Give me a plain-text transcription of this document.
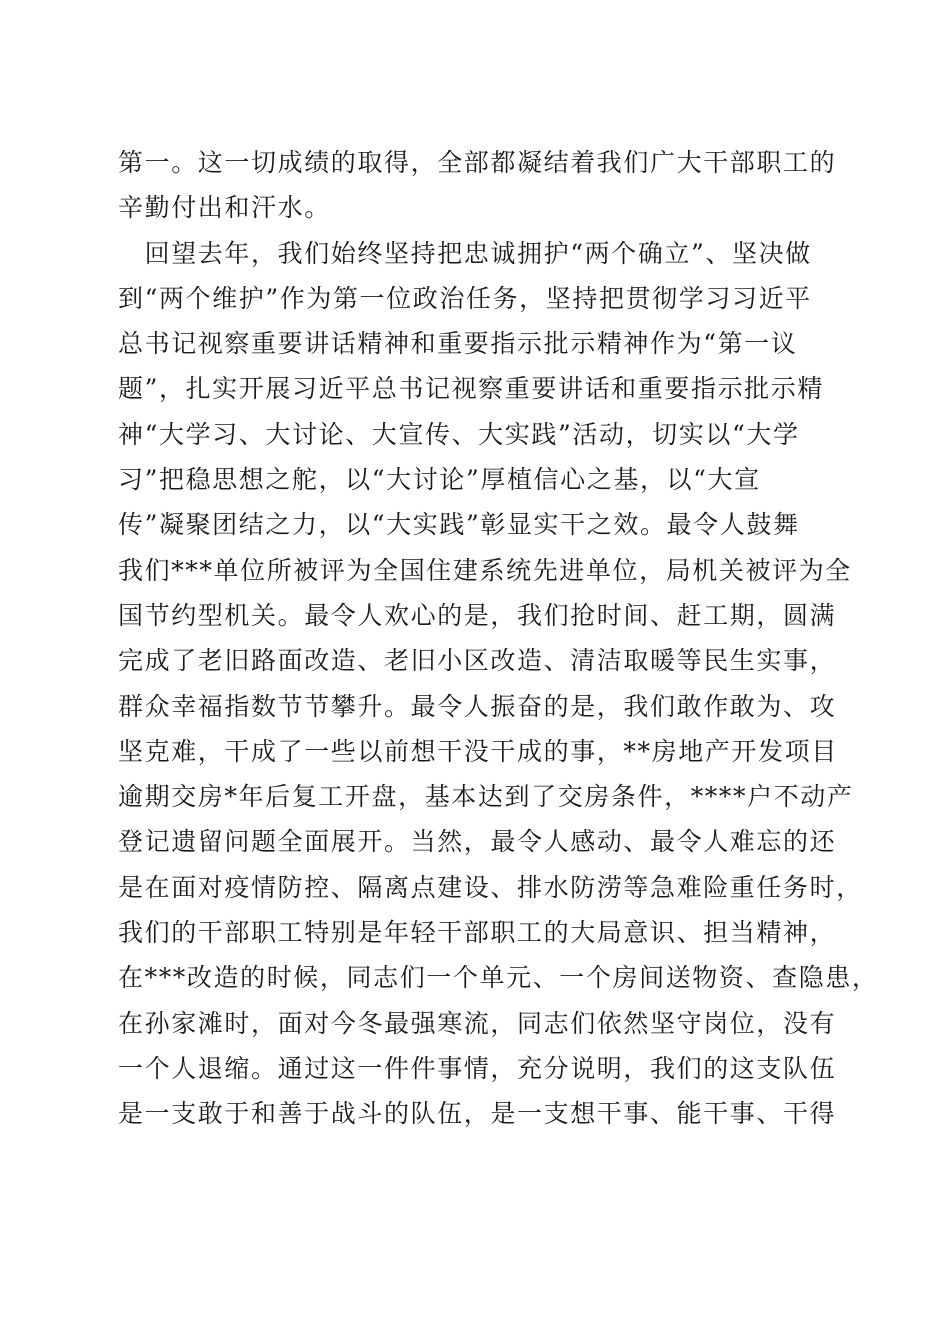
第一。这一切成绩的取得，全部都凝结着我们广大干部职工的
辛勤付出和汗水。
　回望去年，我们始终坚持把忠诚拥护“两个确立”、坚决做
到“两个维护”作为第一位政治任务，坚持把贯彻学习习近平
总书记视察重要讲话精神和重要指示批示精神作为“第一议
题”，扎实开展习近平总书记视察重要讲话和重要指示批示精
神“大学习、大讨论、大宣传、大实践”活动，切实以“大学
习”把稳思想之舵，以“大讨论”厚植信心之基，以“大宣
传”凝聚团结之力，以“大实践”彰显实干之效。最令人鼓舞
我们***单位所被评为全国住建系统先进单位，局机关被评为全
国节约型机关。最令人欢心的是，我们抢时间、赶工期，圆满
完成了老旧路面改造、老旧小区改造、清洁取暖等民生实事，
群众幸福指数节节攀升。最令人振奋的是，我们敢作敢为、攻
坚克难，干成了一些以前想干没干成的事，**房地产开发项目
逾期交房*年后复工开盘，基本达到了交房条件，****户不动产
登记遗留问题全面展开。当然，最令人感动、最令人难忘的还
是在面对疫情防控、隔离点建设、排水防涝等急难险重任务时，
我们的干部职工特别是年轻干部职工的大局意识、担当精神，
在***改造的时候，同志们一个单元、一个房间送物资、查隐患，
在孙家滩时，面对今冬最强寒流，同志们依然坚守岗位，没有
一个人退缩。通过这一件件事情，充分说明，我们的这支队伍
是一支敢于和善于战斗的队伍，是一支想干事、能干事、干得
